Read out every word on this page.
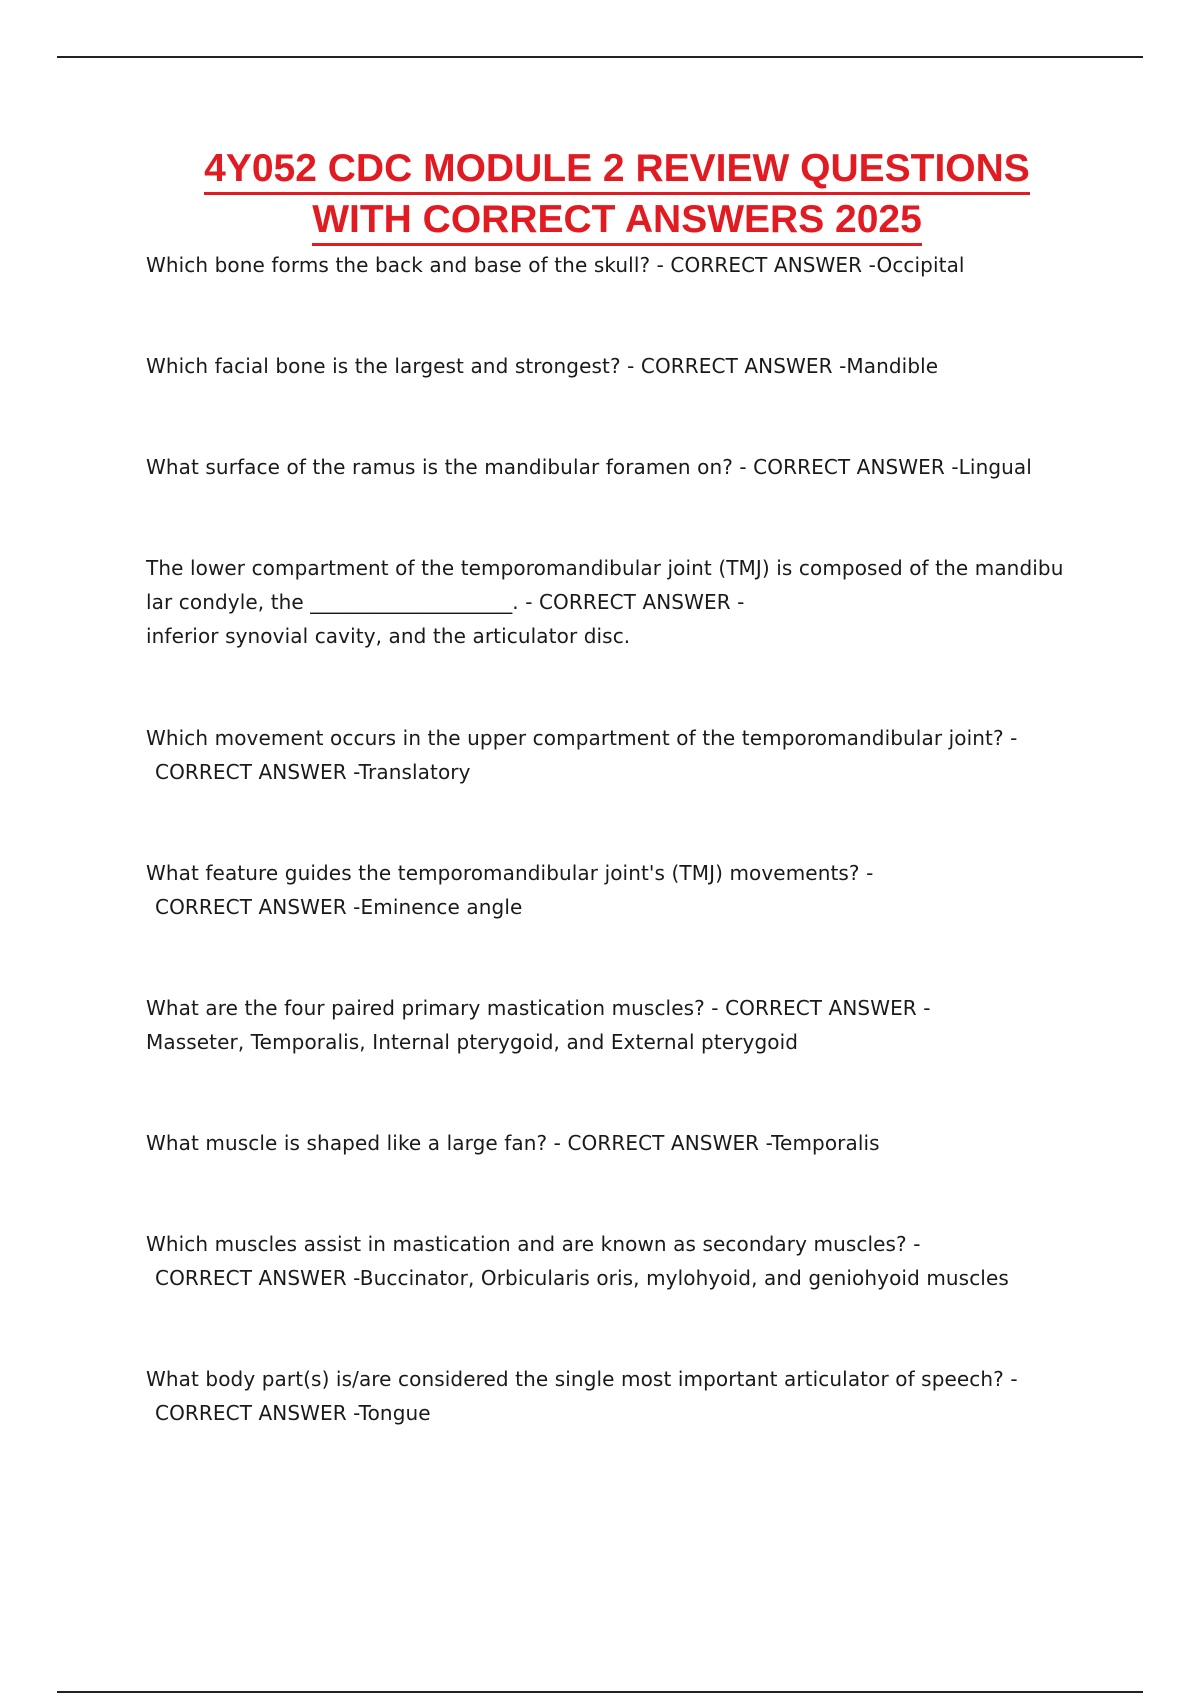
4Y052 CDC MODULE 2 REVIEW QUESTIONS
WITH CORRECT ANSWERS 2025
Which bone forms the back and base of the skull? - CORRECT ANSWER -Occipital
Which facial bone is the largest and strongest? - CORRECT ANSWER -Mandible
What surface of the ramus is the mandibular foramen on? - CORRECT ANSWER -Lingual
The lower compartment of the temporomandibular joint (TMJ) is composed of the mandibu
lar condyle, the ____________________. - CORRECT ANSWER -
inferior synovial cavity, and the articulator disc.
Which movement occurs in the upper compartment of the temporomandibular joint? -
CORRECT ANSWER -Translatory
What feature guides the temporomandibular joint's (TMJ) movements? -
CORRECT ANSWER -Eminence angle
What are the four paired primary mastication muscles? - CORRECT ANSWER -
Masseter, Temporalis, Internal pterygoid, and External pterygoid
What muscle is shaped like a large fan? - CORRECT ANSWER -Temporalis
Which muscles assist in mastication and are known as secondary muscles? -
CORRECT ANSWER -Buccinator, Orbicularis oris, mylohyoid, and geniohyoid muscles
What body part(s) is/are considered the single most important articulator of speech? -
CORRECT ANSWER -Tongue
